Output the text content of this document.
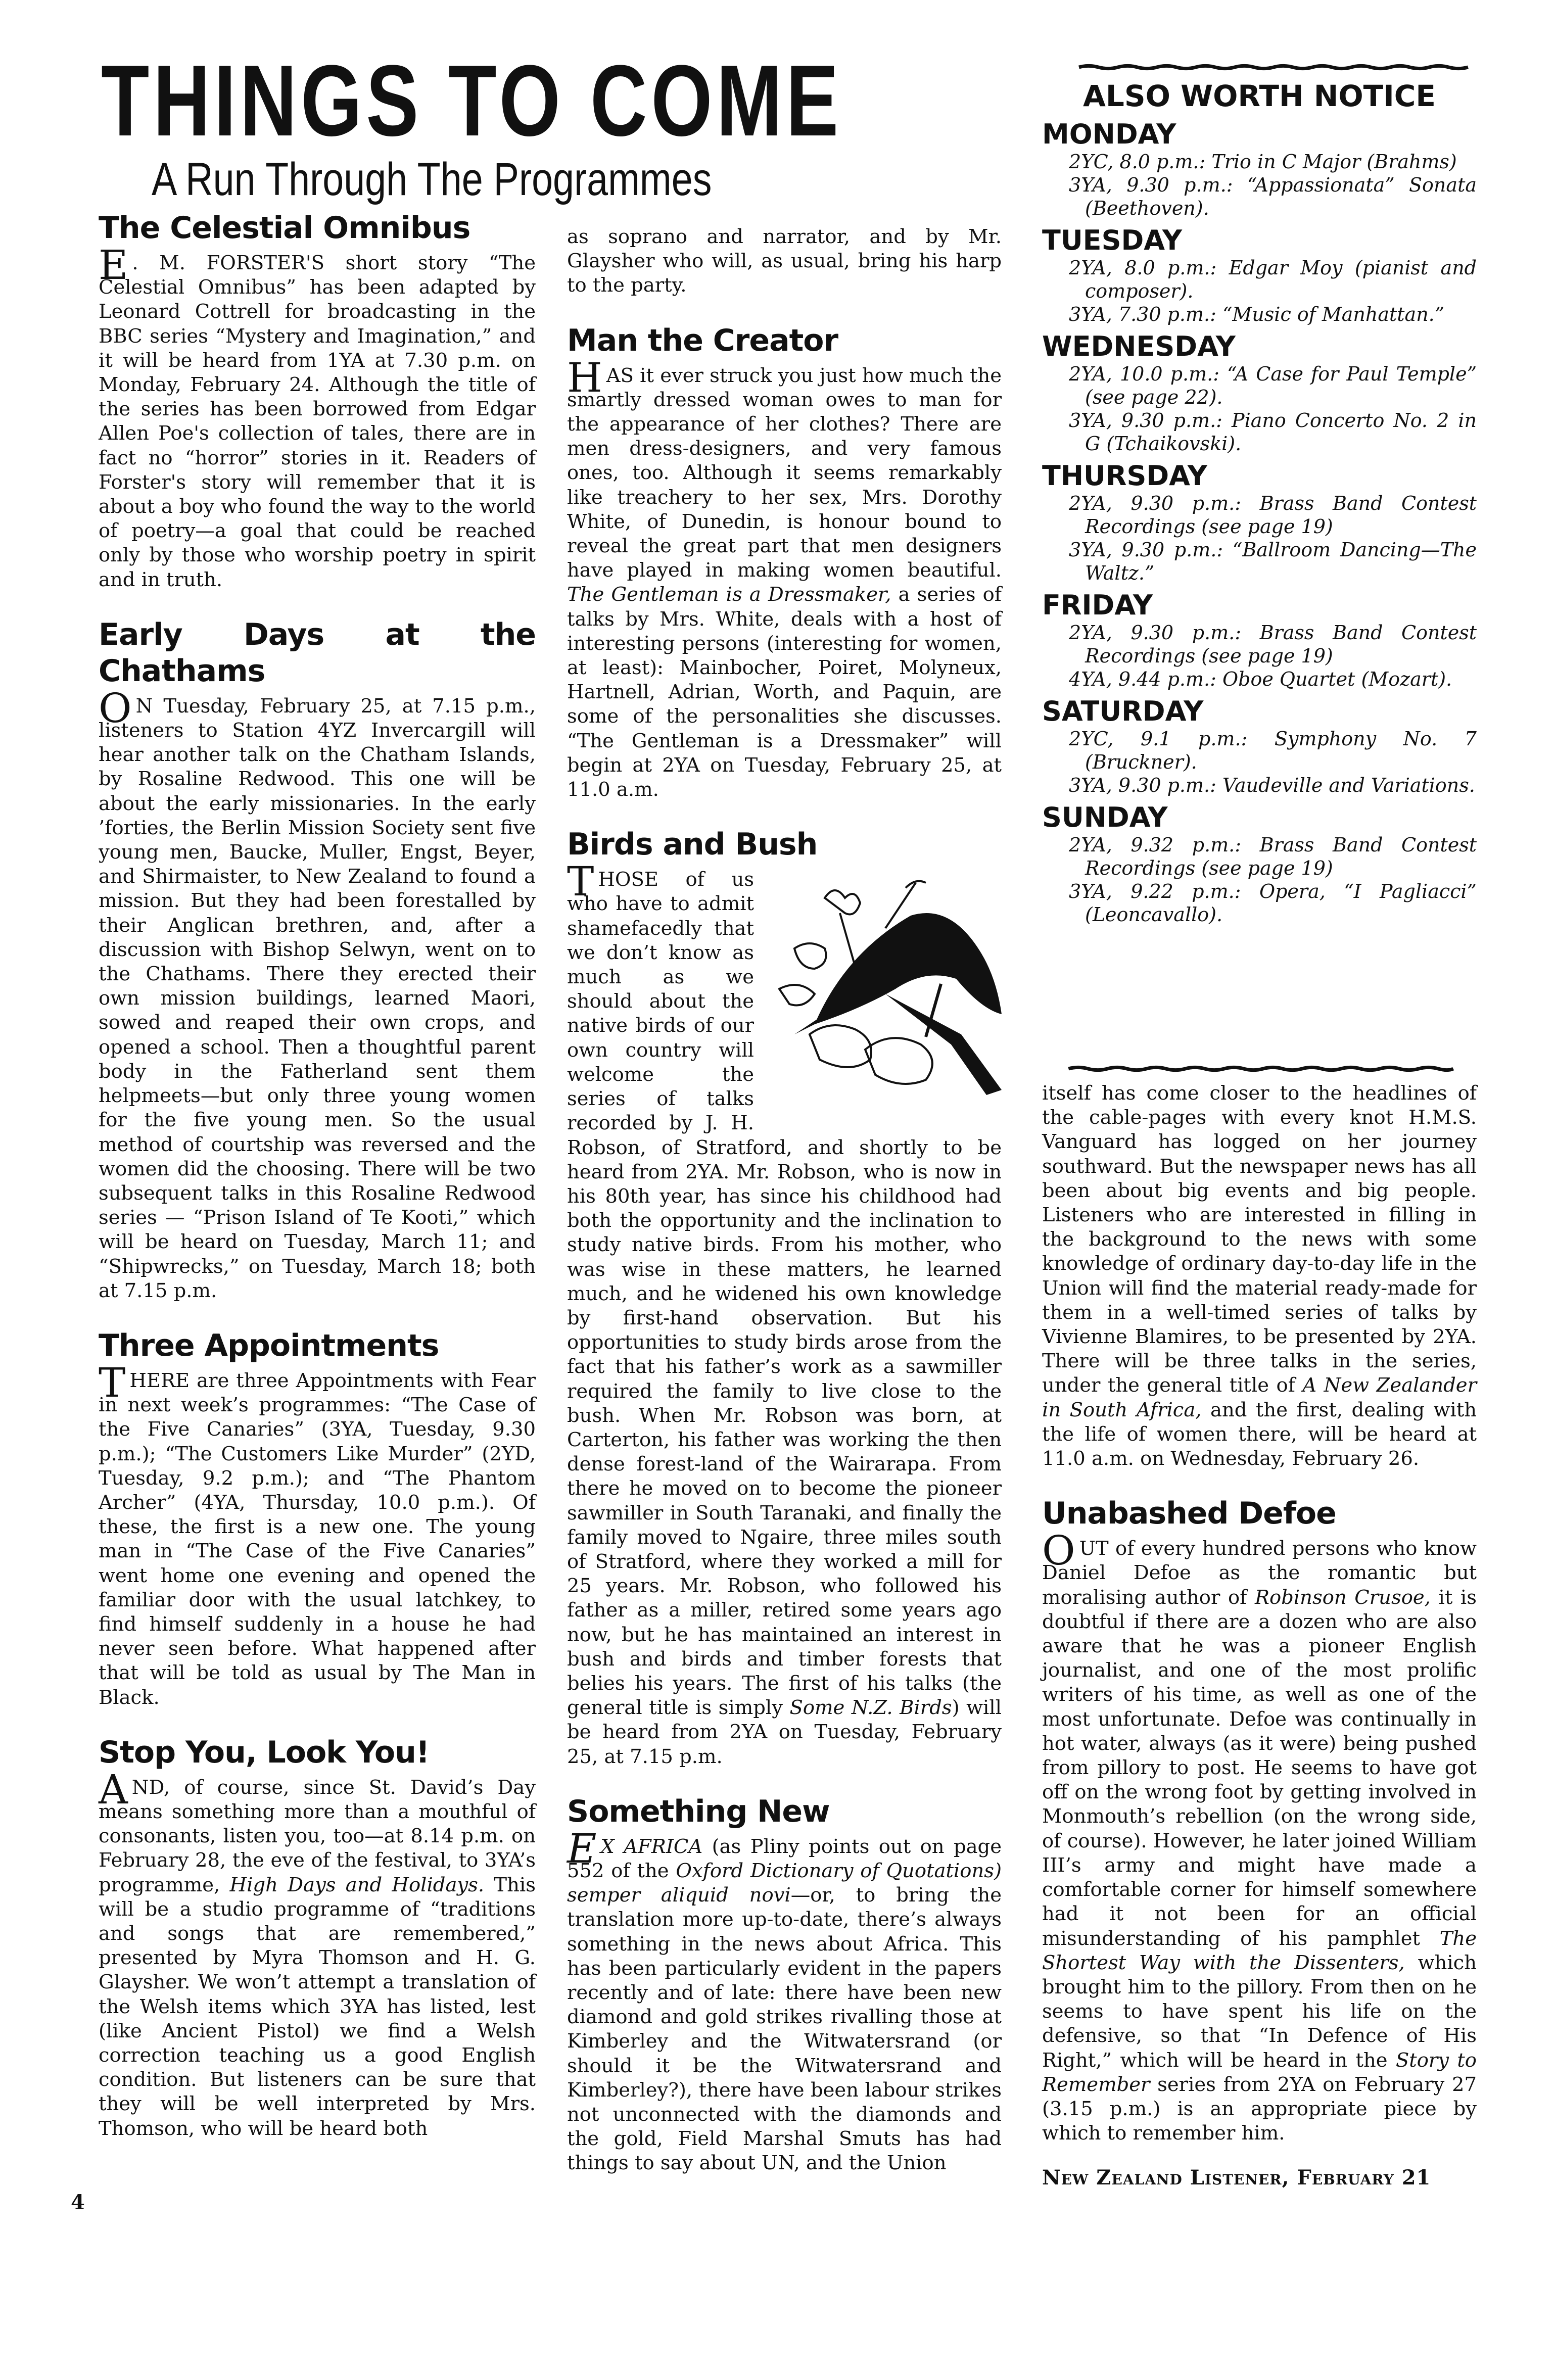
THINGS TO COME
A Run Through The Programmes
The Celestial Omnibus

E . M. FORSTER'S short story “The Celestial Omnibus” has been adapted by Leonard Cottrell for broadcasting in the BBC series “Mystery and Imagination,” and it will be heard from 1YA at 7.30 p.m. on Monday, February 24. Although the title of the series has been borrowed from Edgar Allen Poe's collection of tales, there are in fact no “horror” stories in it. Readers of Forster's story will remember that it is about a boy who found the way to the world of poetry—a goal that could be reached only by those who worship poetry in spirit and in truth.

Early Days at the Chathams

O N Tuesday, February 25, at 7.15 p.m., listeners to Station 4YZ Invercargill will hear another talk on the Chatham Islands, by Rosaline Redwood. This one will be about the early missionaries. In the early ’forties, the Berlin Mission Society sent five young men, Baucke, Muller, Engst, Beyer, and Shirmaister, to New Zealand to found a mission. But they had been forestalled by their Anglican brethren, and, after a discussion with Bishop Selwyn, went on to the Chathams. There they erected their own mission buildings, learned Maori, sowed and reaped their own crops, and opened a school. Then a thoughtful parent body in the Fatherland sent them helpmeets—but only three young women for the five young men. So the usual method of courtship was reversed and the women did the choosing. There will be two subsequent talks in this Rosaline Redwood series — “Prison Island of Te Kooti,” which will be heard on Tuesday, March 11; and “Shipwrecks,” on Tuesday, March 18; both at 7.15 p.m.

Three Appointments

THERE are three Appointments with Fear in next week’s programmes: “The Case of the Five Canaries” (3YA, Tuesday, 9.30 p.m.); “The Customers Like Murder” (2YD, Tuesday, 9.2 p.m.); and “The Phantom Archer” (4YA, Thursday, 10.0 p.m.). Of these, the first is a new one. The young man in “The Case of the Five Canaries” went home one evening and opened the familiar door with the usual latchkey, to find himself suddenly in a house he had never seen before. What happened after that will be told as usual by The Man in Black.

Stop You, Look You!

AND, of course, since St. David’s Day means something more than a mouthful of consonants, listen you, too—at 8.14 p.m. on February 28, the eve of the festival, to 3YA’s programme, High Days and Holidays. This will be a studio programme of “traditions and songs that are remembered,” presented by Myra Thomson and H. G. Glaysher. We won’t attempt a translation of the Welsh items which 3YA has listed, lest (like Ancient Pistol) we find a Welsh correction teaching us a good English condition. But listeners can be sure that they will be well interpreted by Mrs. Thomson, who will be heard both

4

as soprano and narrator, and by Mr. Glaysher who will, as usual, bring his harp to the party.

Man the Creator

HAS it ever struck you just how much the smartly dressed woman owes to man for the appearance of her clothes? There are men dress-designers, and very famous ones, too. Although it seems remarkably like treachery to her sex, Mrs. Dorothy White, of Dunedin, is honour bound to reveal the great part that men designers have played in making women beautiful. The Gentleman is a Dressmaker, a series of talks by Mrs. White, deals with a host of interesting persons (interesting for women, at least): Mainbocher, Poiret, Molyneux, Hartnell, Adrian, Worth, and Paquin, are some of the personalities she discusses. “The Gentleman is a Dressmaker” will begin at 2YA on Tuesday, February 25, at 11.0 a.m.

Birds and Bush

T HOSE of us who have to admit shamefacedly that we don’t know as much as we should about the native birds of our own country will welcome the series of talks recorded by J. H. Robson, of Stratford, and shortly to be heard from 2YA. Mr. Robson, who is now in his 80th year, has since his childhood had both the opportunity and the inclination to study native birds. From his mother, who was wise in these matters, he learned much, and he widened his own knowledge by first-hand observation. But his opportunities to study birds arose from the fact that his father’s work as a sawmiller required the family to live close to the bush. When Mr. Robson was born, at Carterton, his father was working the then dense forest-land of the Wairarapa. From there he moved on to become the pioneer sawmiller in South Taranaki, and finally the family moved to Ngaire, three miles south of Stratford, where they worked a mill for 25 years. Mr. Robson, who followed his father as a miller, retired some years ago now, but he has maintained an interest in bush and birds and timber forests that belies his years. The first of his talks (the general title is simply Some N.Z. Birds) will be heard from 2YA on Tuesday, February 25, at 7.15 p.m.

Something New

E X AFRICA (as Pliny points out on page 552 of the Oxford Dictionary of Quotations) semper aliquid novi—or, to bring the translation more up-to-date, there’s always something in the news about Africa. This has been particularly evident in the papers recently and of late: there have been new diamond and gold strikes rivalling those at Kimberley and the Witwatersrand (or should it be the Witwatersrand and Kimberley?), there have been labour strikes not unconnected with the diamonds and the gold, Field Marshal Smuts has had things to say about UN, and the Union

ALSO WORTH NOTICE
MONDAY
2YC, 8.0 p.m.: Trio in C Major (Brahms)
3YA, 9.30 p.m.: “Appassionata” Sonata (Beethoven).
TUESDAY
2YA, 8.0 p.m.: Edgar Moy (pianist and composer).
3YA, 7.30 p.m.: “Music of Manhattan.”
WEDNESDAY
2YA, 10.0 p.m.: “A Case for Paul Temple” (see page 22).
3YA, 9.30 p.m.: Piano Concerto No. 2 in G (Tchaikovski).
THURSDAY
2YA, 9.30 p.m.: Brass Band Contest Recordings (see page 19)
3YA, 9.30 p.m.: “Ballroom Dancing—The Waltz.”
FRIDAY
2YA, 9.30 p.m.: Brass Band Contest Recordings (see page 19)
4YA, 9.44 p.m.: Oboe Quartet (Mozart).
SATURDAY
2YC, 9.1 p.m.: Symphony No. 7 (Bruckner).
3YA, 9.30 p.m.: Vaudeville and Variations.
SUNDAY
2YA, 9.32 p.m.: Brass Band Contest Recordings (see page 19)
3YA, 9.22 p.m.: Opera, “I Pagliacci” (Leoncavallo).

itself has come closer to the headlines of the cable-pages with every knot H.M.S. Vanguard has logged on her journey southward. But the newspaper news has all been about big events and big people. Listeners who are interested in filling in the background to the news with some knowledge of ordinary day-to-day life in the Union will find the material ready-made for them in a well-timed series of talks by Vivienne Blamires, to be presented by 2YA. There will be three talks in the series, under the general title of A New Zealander in South Africa, and the first, dealing with the life of women there, will be heard at 11.0 a.m. on Wednesday, February 26.

Unabashed Defoe

OUT of every hundred persons who know Daniel Defoe as the romantic but moralising author of Robinson Crusoe, it is doubtful if there are a dozen who are also aware that he was a pioneer English journalist, and one of the most prolific writers of his time, as well as one of the most unfortunate. Defoe was continually in hot water, always (as it were) being pushed from pillory to post. He seems to have got off on the wrong foot by getting involved in Monmouth’s rebellion (on the wrong side, of course). However, he later joined William III’s army and might have made a comfortable corner for himself somewhere had it not been for an official misunderstanding of his pamphlet The Shortest Way with the Dissenters, which brought him to the pillory. From then on he seems to have spent his life on the defensive, so that “In Defence of His Right,” which will be heard in the Story to Remember series from 2YA on February 27 (3.15 p.m.) is an appropriate piece by which to remember him.

New Zealand Listener, February 21
